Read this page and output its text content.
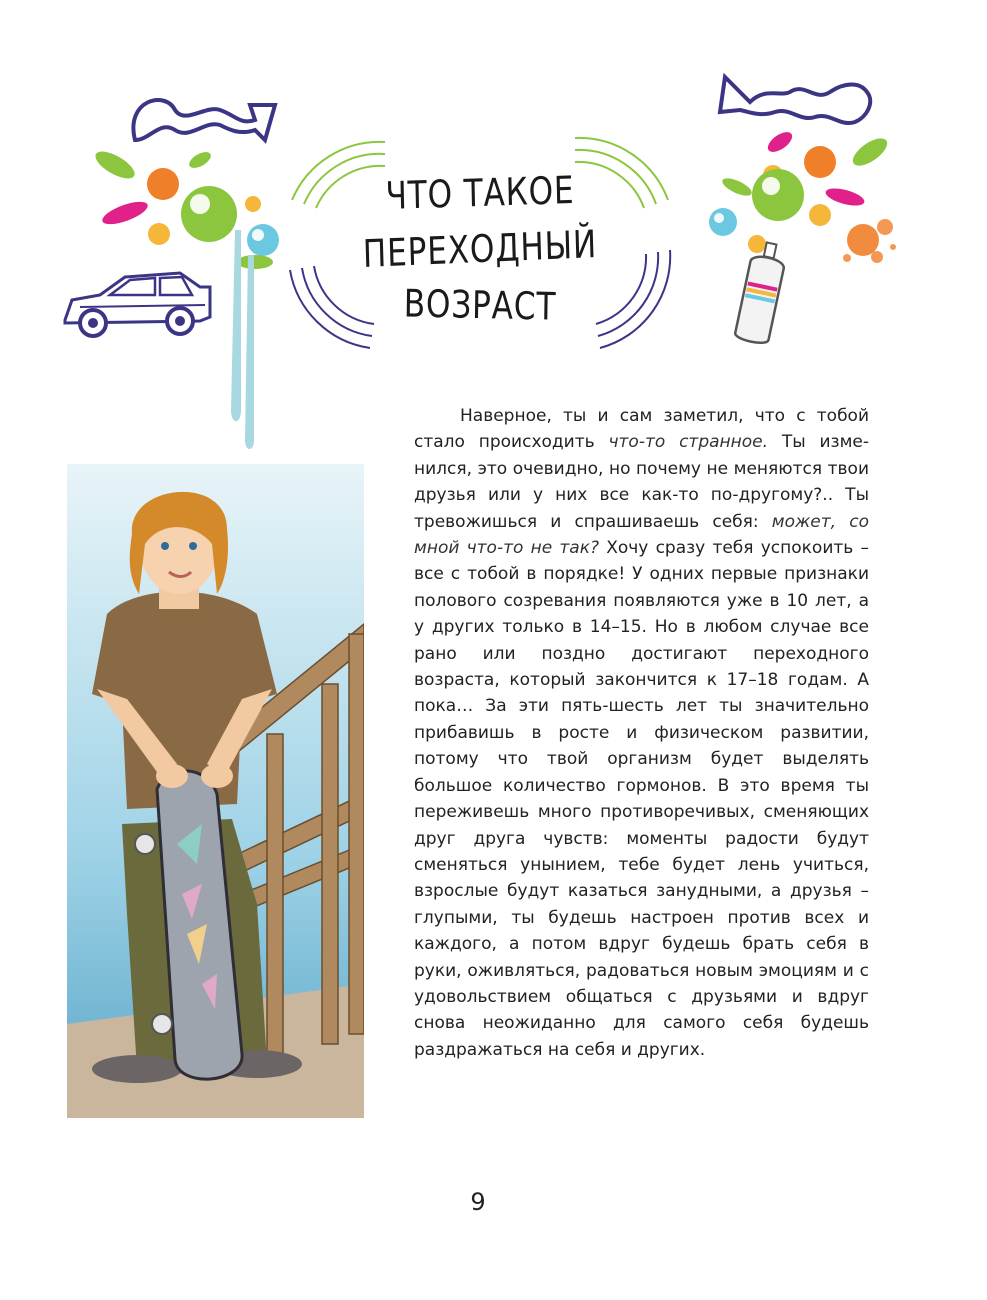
ЧТО ТАКОЕ
ПЕРЕХОДНЫЙ
ВОЗРАСТ

Наверное, ты и сам заметил, что с тобой стало происходить что-то странное. Ты изменился, это очевидно, но почему не меняются твои друзья или у них все как-то по-другому?.. Ты тревожишься и спрашиваешь себя: может, со мной что-то не так? Хочу сразу тебя успокоить – все с тобой в порядке! У одних первые признаки полового созревания появляются уже в 10 лет, а у других только в 14–15. Но в любом случае все рано или поздно достигают переходного возраста, который закончится к 17–18 годам. А пока… За эти пять-шесть лет ты значительно прибавишь в росте и физическом развитии, потому что твой организм будет выделять большое количество гормонов. В это время ты переживешь много противоречивых, сменяющих друг друга чувств: моменты радости будут сменяться унынием, тебе будет лень учиться, взрослые будут казаться занудными, а друзья – глупыми, ты будешь настроен против всех и каждого, а потом вдруг будешь брать себя в руки, оживляться, радоваться новым эмоциям и с удовольствием общаться с друзьями и вдруг снова неожиданно для самого себя будешь раздражаться на себя и других.

9
